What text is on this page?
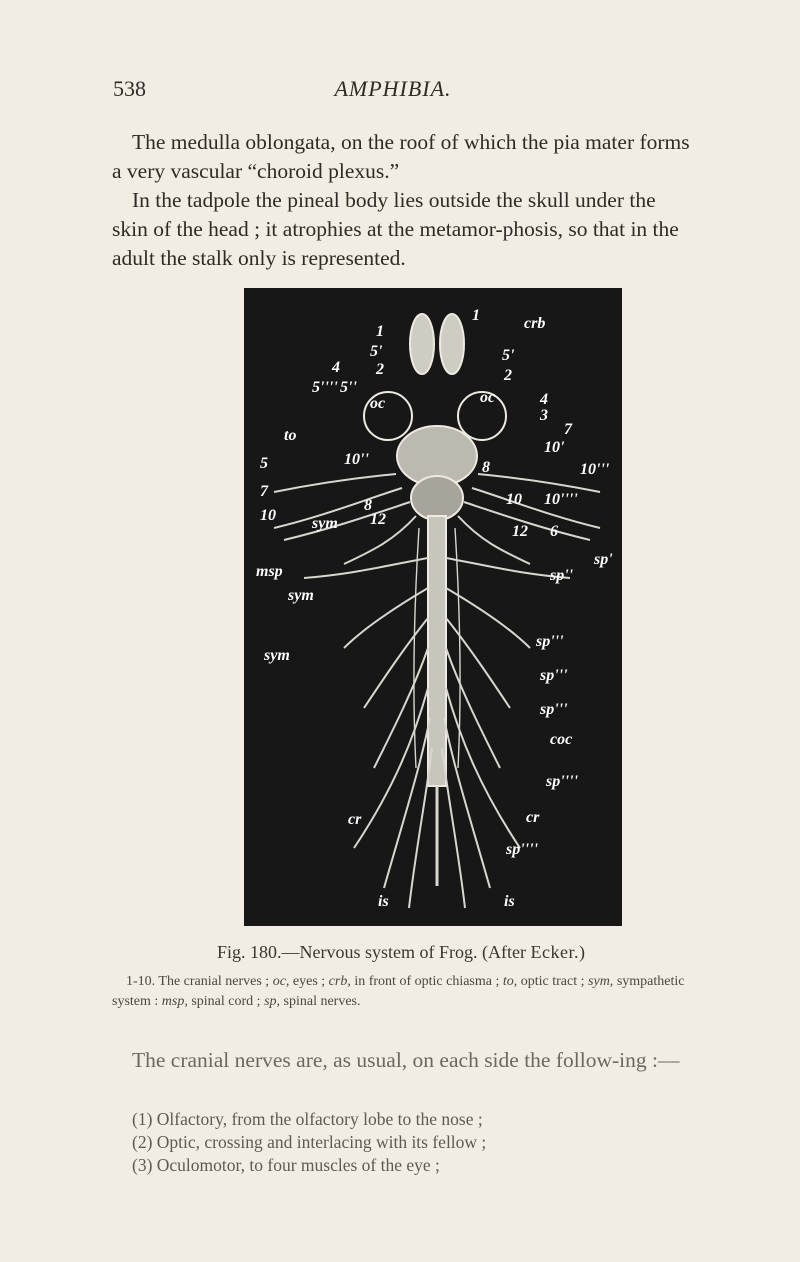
538	AMPHIBIA.

The medulla oblongata, on the roof of which the pia mater forms a very vascular “choroid plexus.”

In the tadpole the pineal body lies outside the skull under the skin of the head ; it atrophies at the metamor-phosis, so that in the adult the stalk only is represented.

1
1	crb
5'	5'
4 2	2
5'''' 5''
oc	oc	4
3
7
to
10'
5	10''
10'''
7	10 10''''
10 sym
8
8
12
12 6
msp
sp'
sp''
sym
sym
sp'''
sp'''
sp'''
coc
sp''''
cr	cr
sp''''
is	is
Fig. 180.—Nervous system of Frog. (After Ecker.)

1-10. The cranial nerves ; oc, eyes ; crb, in front of optic chiasma ; to, optic tract ; sym, sympathetic system : msp, spinal cord ; sp, spinal nerves.

The cranial nerves are, as usual, on each side the follow-ing :—

(1) Olfactory, from the olfactory lobe to the nose ;
(2) Optic, crossing and interlacing with its fellow ;
(3) Oculomotor, to four muscles of the eye ;
